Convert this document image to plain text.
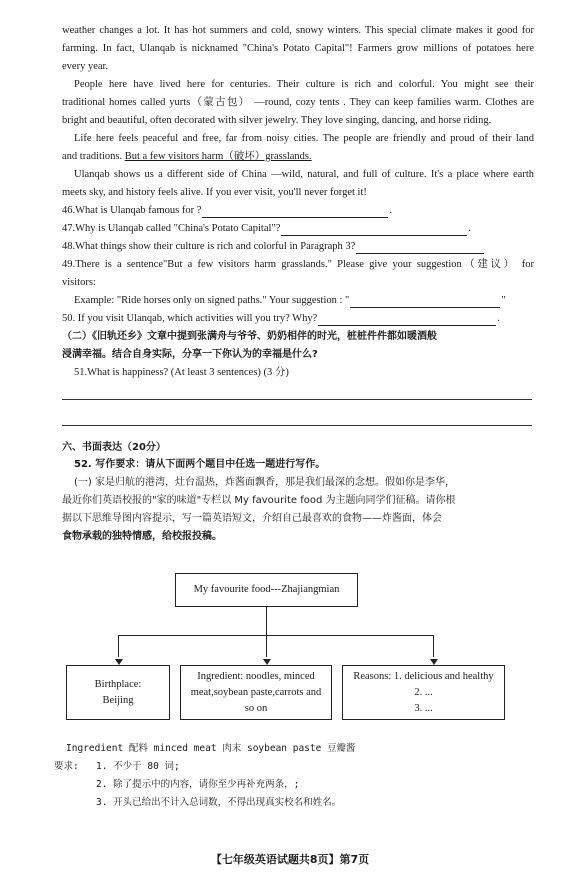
weather changes a lot. It has hot summers and cold, snowy winters. This special climate makes it good for
farming. In fact, Ulanqab is nicknamed "China's Potato Capital"! Farmers grow millions of potatoes here
every year.
People here have lived here for centuries. Their culture is rich and colorful. You might see their
traditional homes called yurts（蒙古包） —round, cozy tents . They can keep families warm. Clothes are
bright and beautiful, often decorated with silver jewelry. They love singing, dancing, and horse riding.
Life here feels peaceful and free, far from noisy cities. The people are friendly and proud of their land
and traditions. But a few visitors harm（破坏）grasslands.
Ulanqab shows us a different side of China —wild, natural, and full of culture. It's a place where earth
meets sky, and history feels alive. If you ever visit, you'll never forget it!
46.What is Ulanqab famous for ?	.
47.Why is Ulanqab called "China's Potato Capital"?	.
48.What things show their culture is rich and colorful in Paragraph 3?
49.There is a sentence"But a few visitors harm grasslands." Please give your suggestion（建议） for
visitors:
Example: "Ride horses only on signed paths." Your suggestion : "	"
50. If you visit Ulanqab, which activities will you try? Why?	.
（二）《旧轨还乡》文章中提到张满舟与爷爷、奶奶相伴的时光，桩桩件件都如暖酒般
浸满幸福。结合自身实际，分享一下你认为的幸福是什么?
51.What is happiness? (At least 3 sentences) (3 分)
六、书面表达（20分）
52. 写作要求：请从下面两个题目中任选一题进行写作。
(一) 家是归航的港湾，灶台温热，炸酱面飘香，那是我们最深的念想。假如你是李华，
最近你们英语校报的"家的味道"专栏以 My favourite food 为主题向同学们征稿。请你根
据以下思维导图内容提示，写一篇英语短文，介绍自己最喜欢的食物——炸酱面，体会
食物承载的独特情感，给校报投稿。
My favourite food---Zhajiangmian
Birthplace:
Beijing
Ingredient: noodles, minced
meat,soybean paste,carrots and
so on
Reasons: 1. delicious and healthy
2. ...
3. ...
Ingredient 配料 minced meat 肉末 soybean paste 豆瓣酱
要求: 1. 不少于 80 词;
2. 除了提示中的内容，请你至少再补充两条，;
3. 开头已给出不计入总词数，不得出现真实校名和姓名。
【七年级英语试题共8页】第7页
